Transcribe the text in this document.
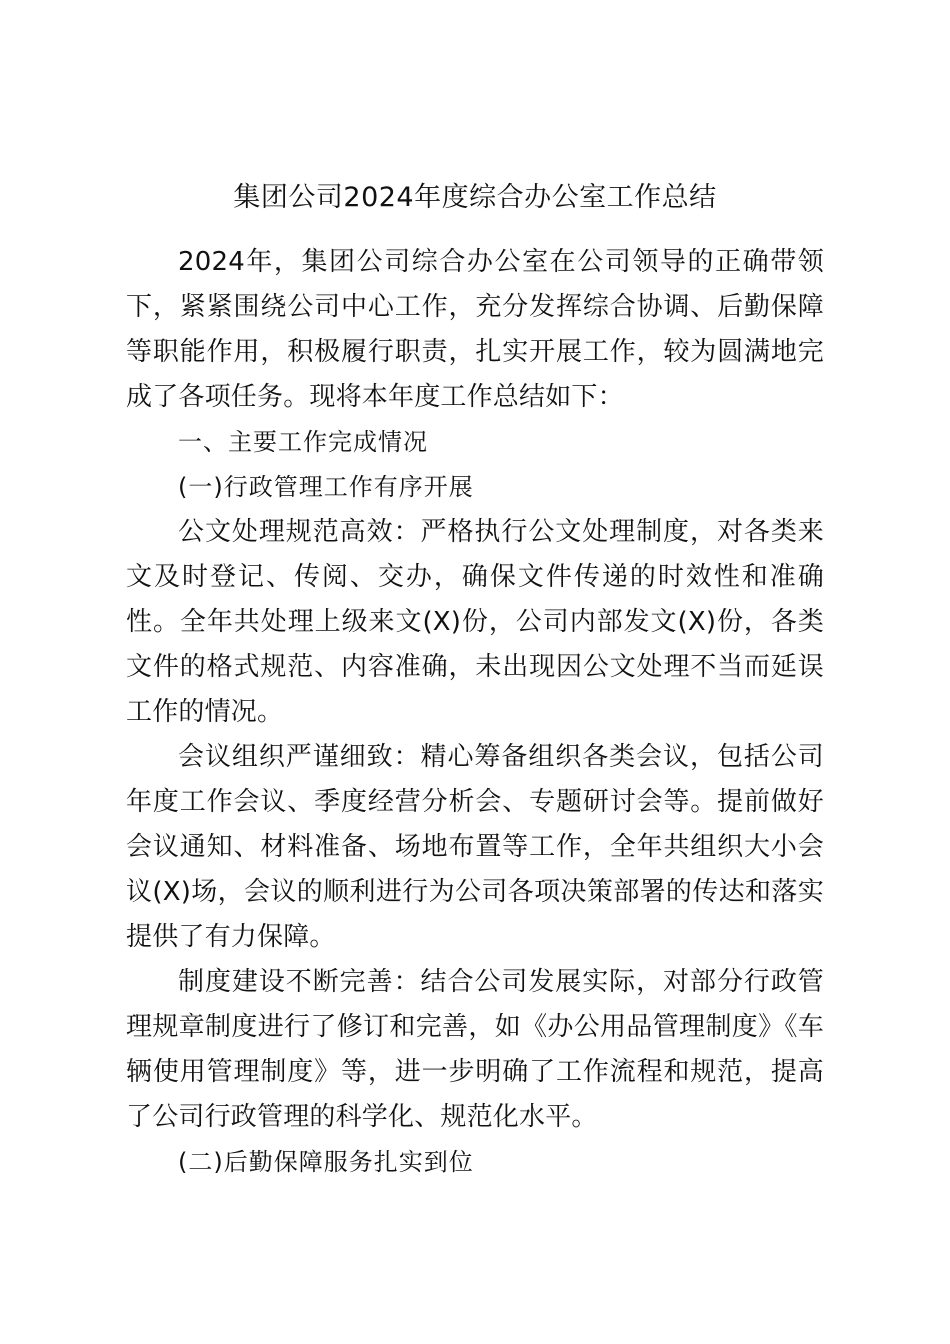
集团公司2024年度综合办公室工作总结

2024年，集团公司综合办公室在公司领导的正确带领下，紧紧围绕公司中心工作，充分发挥综合协调、后勤保障等职能作用，积极履行职责，扎实开展工作，较为圆满地完成了各项任务。现将本年度工作总结如下：

一、主要工作完成情况

(一)行政管理工作有序开展

公文处理规范高效：严格执行公文处理制度，对各类来文及时登记、传阅、交办，确保文件传递的时效性和准确性。全年共处理上级来文(X)份，公司内部发文(X)份，各类文件的格式规范、内容准确，未出现因公文处理不当而延误工作的情况。

会议组织严谨细致：精心筹备组织各类会议，包括公司年度工作会议、季度经营分析会、专题研讨会等。提前做好会议通知、材料准备、场地布置等工作，全年共组织大小会议(X)场，会议的顺利进行为公司各项决策部署的传达和落实提供了有力保障。

制度建设不断完善：结合公司发展实际，对部分行政管理规章制度进行了修订和完善，如《办公用品管理制度》《车辆使用管理制度》等，进一步明确了工作流程和规范，提高了公司行政管理的科学化、规范化水平。

(二)后勤保障服务扎实到位
